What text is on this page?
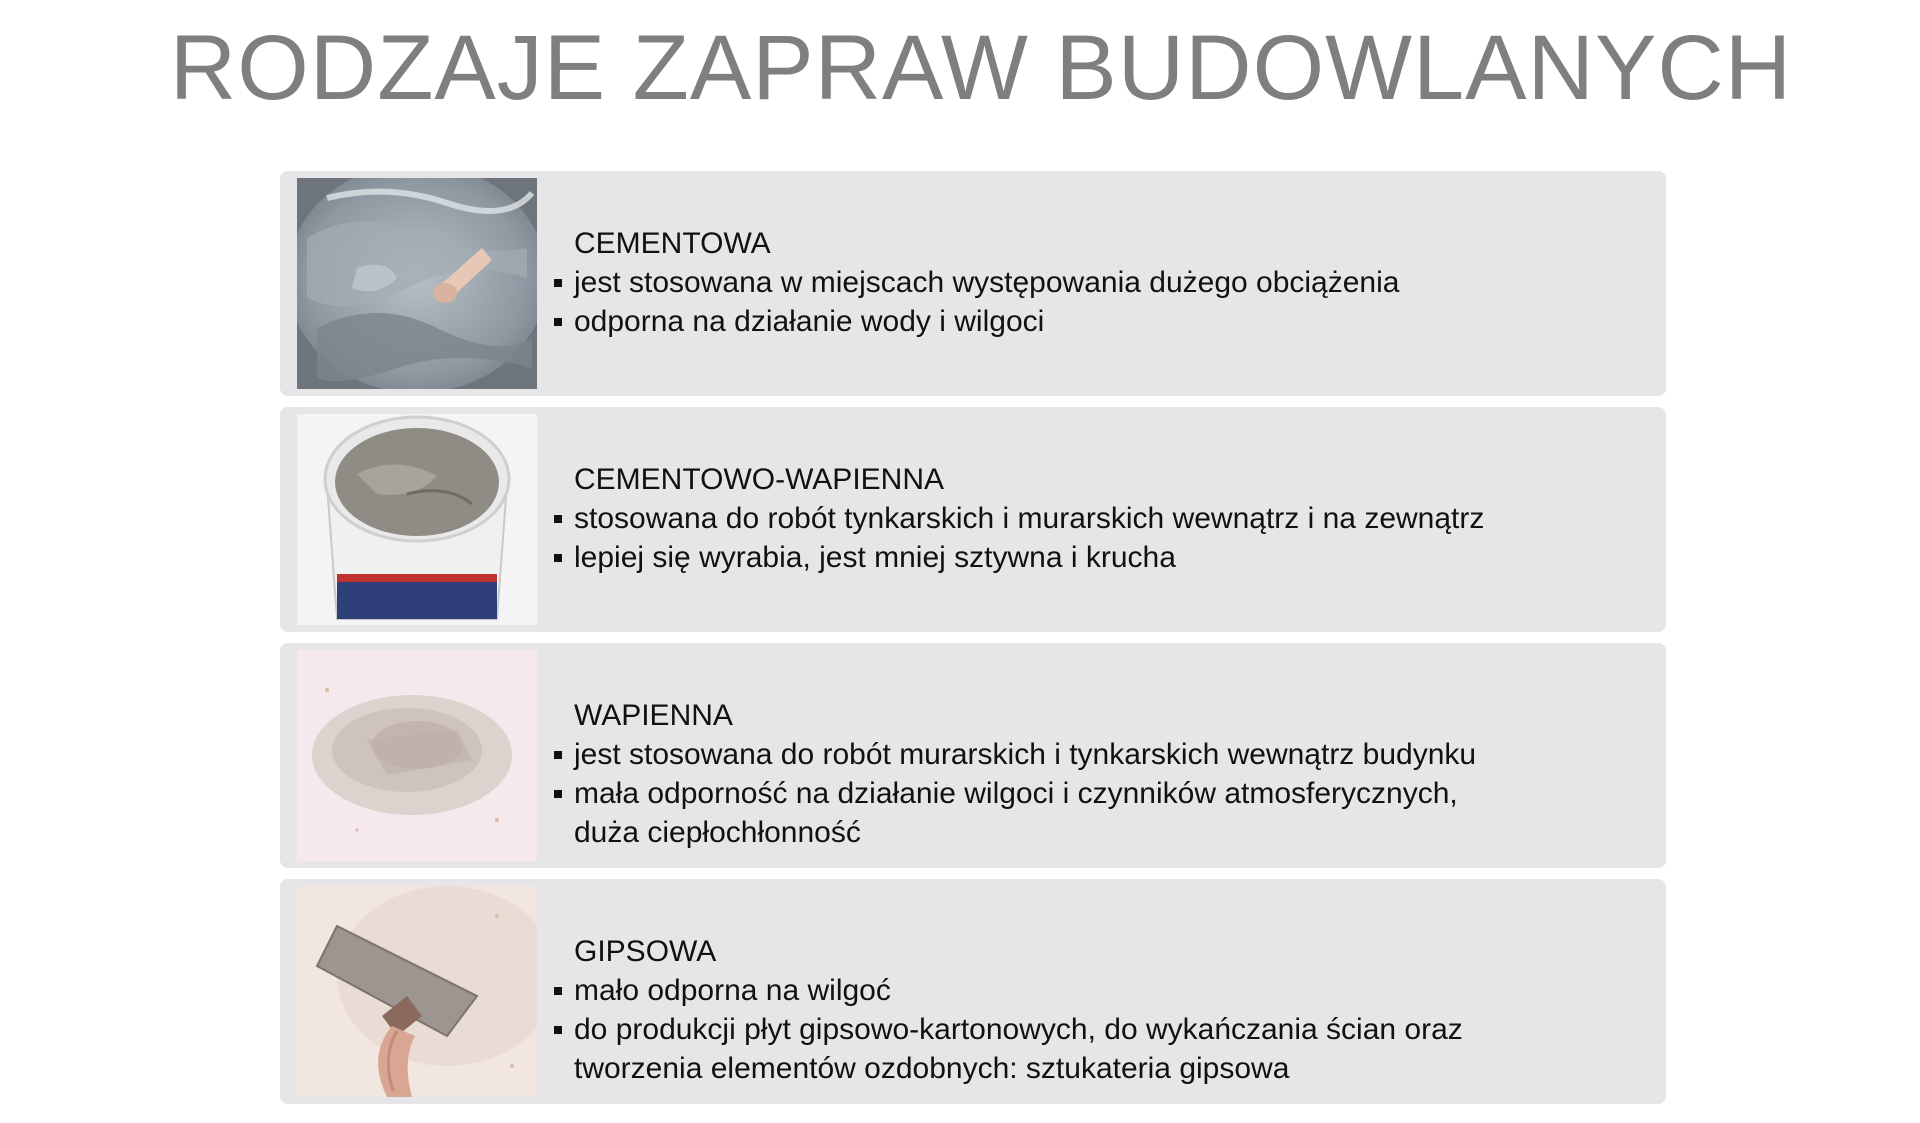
RODZAJE ZAPRAW BUDOWLANYCH
CEMENTOWA
jest stosowana w miejscach występowania dużego obciążenia
odporna na działanie wody i wilgoci
CEMENTOWO-WAPIENNA
stosowana do robót tynkarskich i murarskich wewnątrz i na zewnątrz
lepiej się wyrabia, jest mniej sztywna i krucha
WAPIENNA
jest stosowana do robót murarskich i tynkarskich wewnątrz budynku
mała odporność na działanie wilgoci i czynników atmosferycznych,
duża ciepłochłonność
GIPSOWA
mało odporna na wilgoć
do produkcji płyt gipsowo-kartonowych, do wykańczania ścian oraz
tworzenia elementów ozdobnych: sztukateria gipsowa
